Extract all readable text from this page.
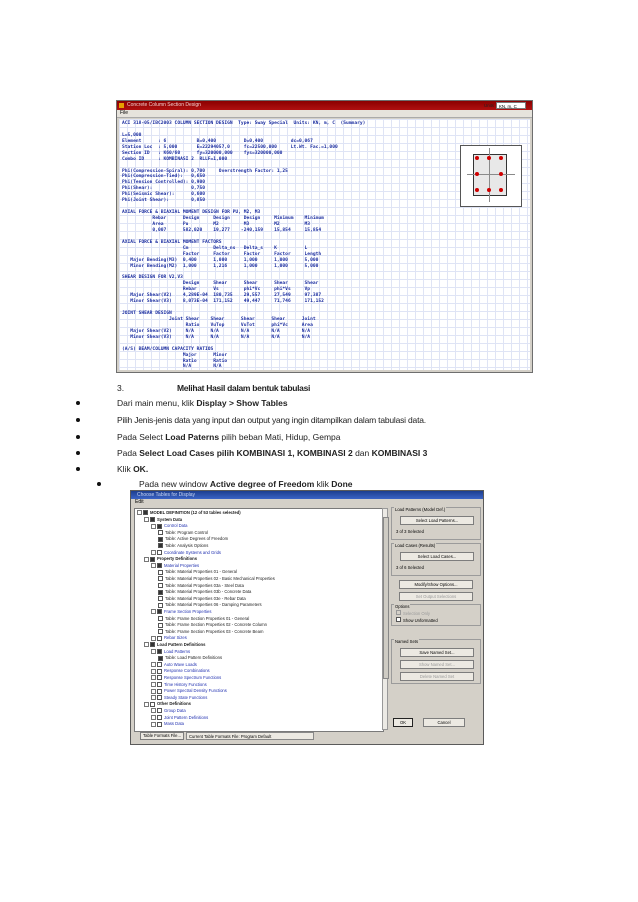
Concrete Column Section Design
File
Units	KN, m, C
ACI 318-05/IBC2003 COLUMN SECTION DESIGN  Type: Sway Special  Units: KN, m, C  (Summary)

L=5,000
Element      : 6           B=0,400          D=0,400          dc=0,067
Station Loc  : 5,000       E=22294057,0     fc=22500,000     Lt.Wt. Fac.=1,000
Section ID   : K60/60      fy=320000,000    fys=320000,000
Combo ID     : KOMBINASI 2  RLLF=1,000

Phi(Compression-Spiral): 0,700     Overstrength Factor: 1,25
Phi(Compression-Tied):   0,650
Phi(Tension Controlled): 0,900
Phi(Shear):              0,750
Phi(Seismic Shear):      0,600
Phi(Joint Shear):        0,850

AXIAL FORCE & BIAXIAL MOMENT DESIGN FOR PU, M2, M3
Rebar      Design     Design     Design     Minimum    Minimum
Area       Pu         M2         M3         M2         M3
0,007      582,020    19,277    -240,159    15,854     15,854

AXIAL FORCE & BIAXIAL MOMENT FACTORS
Cm         Delta_ns   Delta_s    K          L
Factor     Factor     Factor     Factor     Length
Major Bending(M3)  0,400      1,000      1,000      1,000      5,000
Minor Bending(M2)  1,000      1,216      1,000      1,000      5,000

SHEAR DESIGN FOR V2,V3
Design     Shear      Shear      Shear      Shear
Rebar      Vs         phi*Vc     phi*Vs     Vp
Major Shear(V2)    4,289E-04  180,735    29,557     27,549     97,387
Minor Shear(V3)    8,073E-04  171,152    49,447     71,746     171,152

JOINT SHEAR DESIGN
Joint Shear    Shear      Shear      Shear      Joint
Ratio    VuTop      VuTot      phi*Vc     Area
Major Shear(V2)     N/A      N/A        N/A        N/A        N/A
Minor Shear(V3)     N/A      N/A        N/A        N/A        N/A

(A/S) BEAM/COLUMN CAPACITY RATIOS
Major      Minor
Ratio      Ratio
N/A        N/A
3.	Melihat Hasil dalam bentuk tabulasi
Dari main menu, klik Display > Show Tables
Pilih Jenis-jenis data yang input dan output yang ingin ditampilkan dalam tabulasi data.
Pada Select Load Paterns pilih beban Mati, Hidup, Gempa
Pada Select Load Cases pilih KOMBINASI 1, KOMBINASI 2 dan KOMBINASI 3
Klik OK.
Pada new window Active degree of Freedom klik Done
Choose Tables for Display
Edit
MODEL DEFINITION (12 of 53 tables selected)
System Data
Control Data
Table: Program Control
Table: Active Degrees of Freedom
Table: Analysis Options
Coordinate Systems and Grids
Property Definitions
Material Properties
Table: Material Properties 01 - General
Table: Material Properties 02 - Basic Mechanical Properties
Table: Material Properties 03a - Steel Data
Table: Material Properties 03b - Concrete Data
Table: Material Properties 03e - Rebar Data
Table: Material Properties 06 - Damping Parameters
Frame Section Properties
Table: Frame Section Properties 01 - General
Table: Frame Section Properties 02 - Concrete Column
Table: Frame Section Properties 03 - Concrete Beam
Rebar Sizes
Load Pattern Definitions
Load Patterns
Table: Load Pattern Definitions
Auto Wave Loads
Response Combinations
Response Spectrum Functions
Time History Functions
Power Spectral Density Functions
Steady State Functions
Other Definitions
Group Data
Joint Pattern Definitions
Mass Data
Load Patterns (Model Def.)
Select Load Patterns...
3 of 3 Selected
Load Cases (Results)
Select Load Cases...
3 of 6 Selected
Modify/Show Options...
Set Output Selections
Options
Selection Only
Show Unformatted
Named Sets
Save Named Set...
Show Named Set...
Delete Named Set
OK	Cancel
Table Formats File...	Current Table Formats File: Program Default
